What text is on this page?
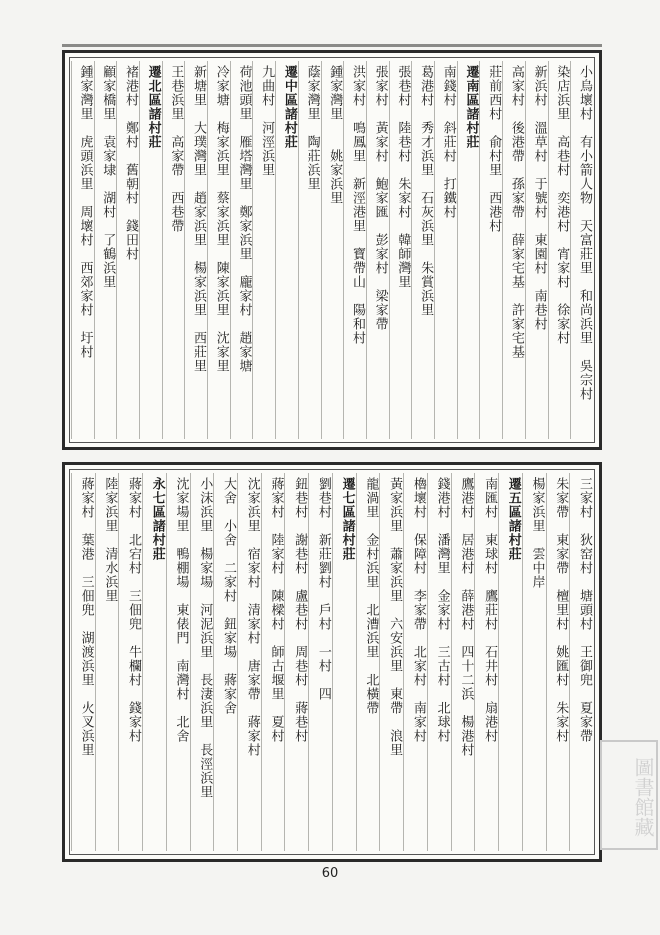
小烏壞村有小箭人物天富莊里和尚浜里吳宗村
染店浜里高巷村奕港村宵家村徐家村
新浜村溫草村于號村東園村南巷村
高家村後港帶孫家帶薛家宅基許家宅基
莊前西村俞村里西港村
遷南區諸村莊
南錢村斜莊村打鐵村
葛港村秀才浜里石灰浜里朱賞浜里
張巷村陸巷村朱家村韓師灣里
張家村黃家村鮑家匯彭家村梁家帶
洪家村鳴鳳里新涇港里寶帶山陽和村
鍾家灣里姚家浜里
蔭家灣里陶莊浜里
遷中區諸村莊
九曲村河涇浜里
荷池頭里雁塔灣里鄭家浜里龐家村趙家塘
冷家塘梅家浜里蔡家浜里陳家浜里沈家里
新塘里大璞灣里趙家浜里楊家浜里西莊里
王巷浜里高家帶西巷帶
遷北區諸村莊
褚港村鄭村舊朝村錢田村
顧家橋里袁家埭湖村了鶴浜里
鍾家灣里虎頭浜里周壞村西郊家村圩村
三家村狄窑村塘頭村王御兜夏家帶
朱家帶東家帶檀里村姚匯村朱家村
楊家浜里雲中岸
遷五區諸村莊
南匯村東球村鷹莊村石井村扇港村
鷹港村居港村薛港村四十二浜楊港村
錢港村潘灣里金家村三古村北球村
櫓壞村保障村李家帶北家村南家村
黃家浜里蕭家浜里六安浜里東帶浪里
龍渦里金村浜里北漕浜里北橫帶
遷七區諸村莊
劉巷村新莊劉村戶村一村四
鈕巷村謝巷村盧巷村周巷村蔣巷村
蔣家村陸家村陳樑村師古堰里夏村
沈家浜里宿家村清家村唐家帶蔣家村
大舍小舍二家村鈕家場蔣家舍
小沫浜里楊家場河泥浜里長淒浜里長涇浜里
沈家場里鴨棚場東俵門南灣村北舍
永七區諸村莊
蔣家村北宕村三佃兜牛欄村錢家村
陸家浜里清水浜里
蔣家村葉港三佃兜湖渡浜里火叉浜里
60
圖書館藏
